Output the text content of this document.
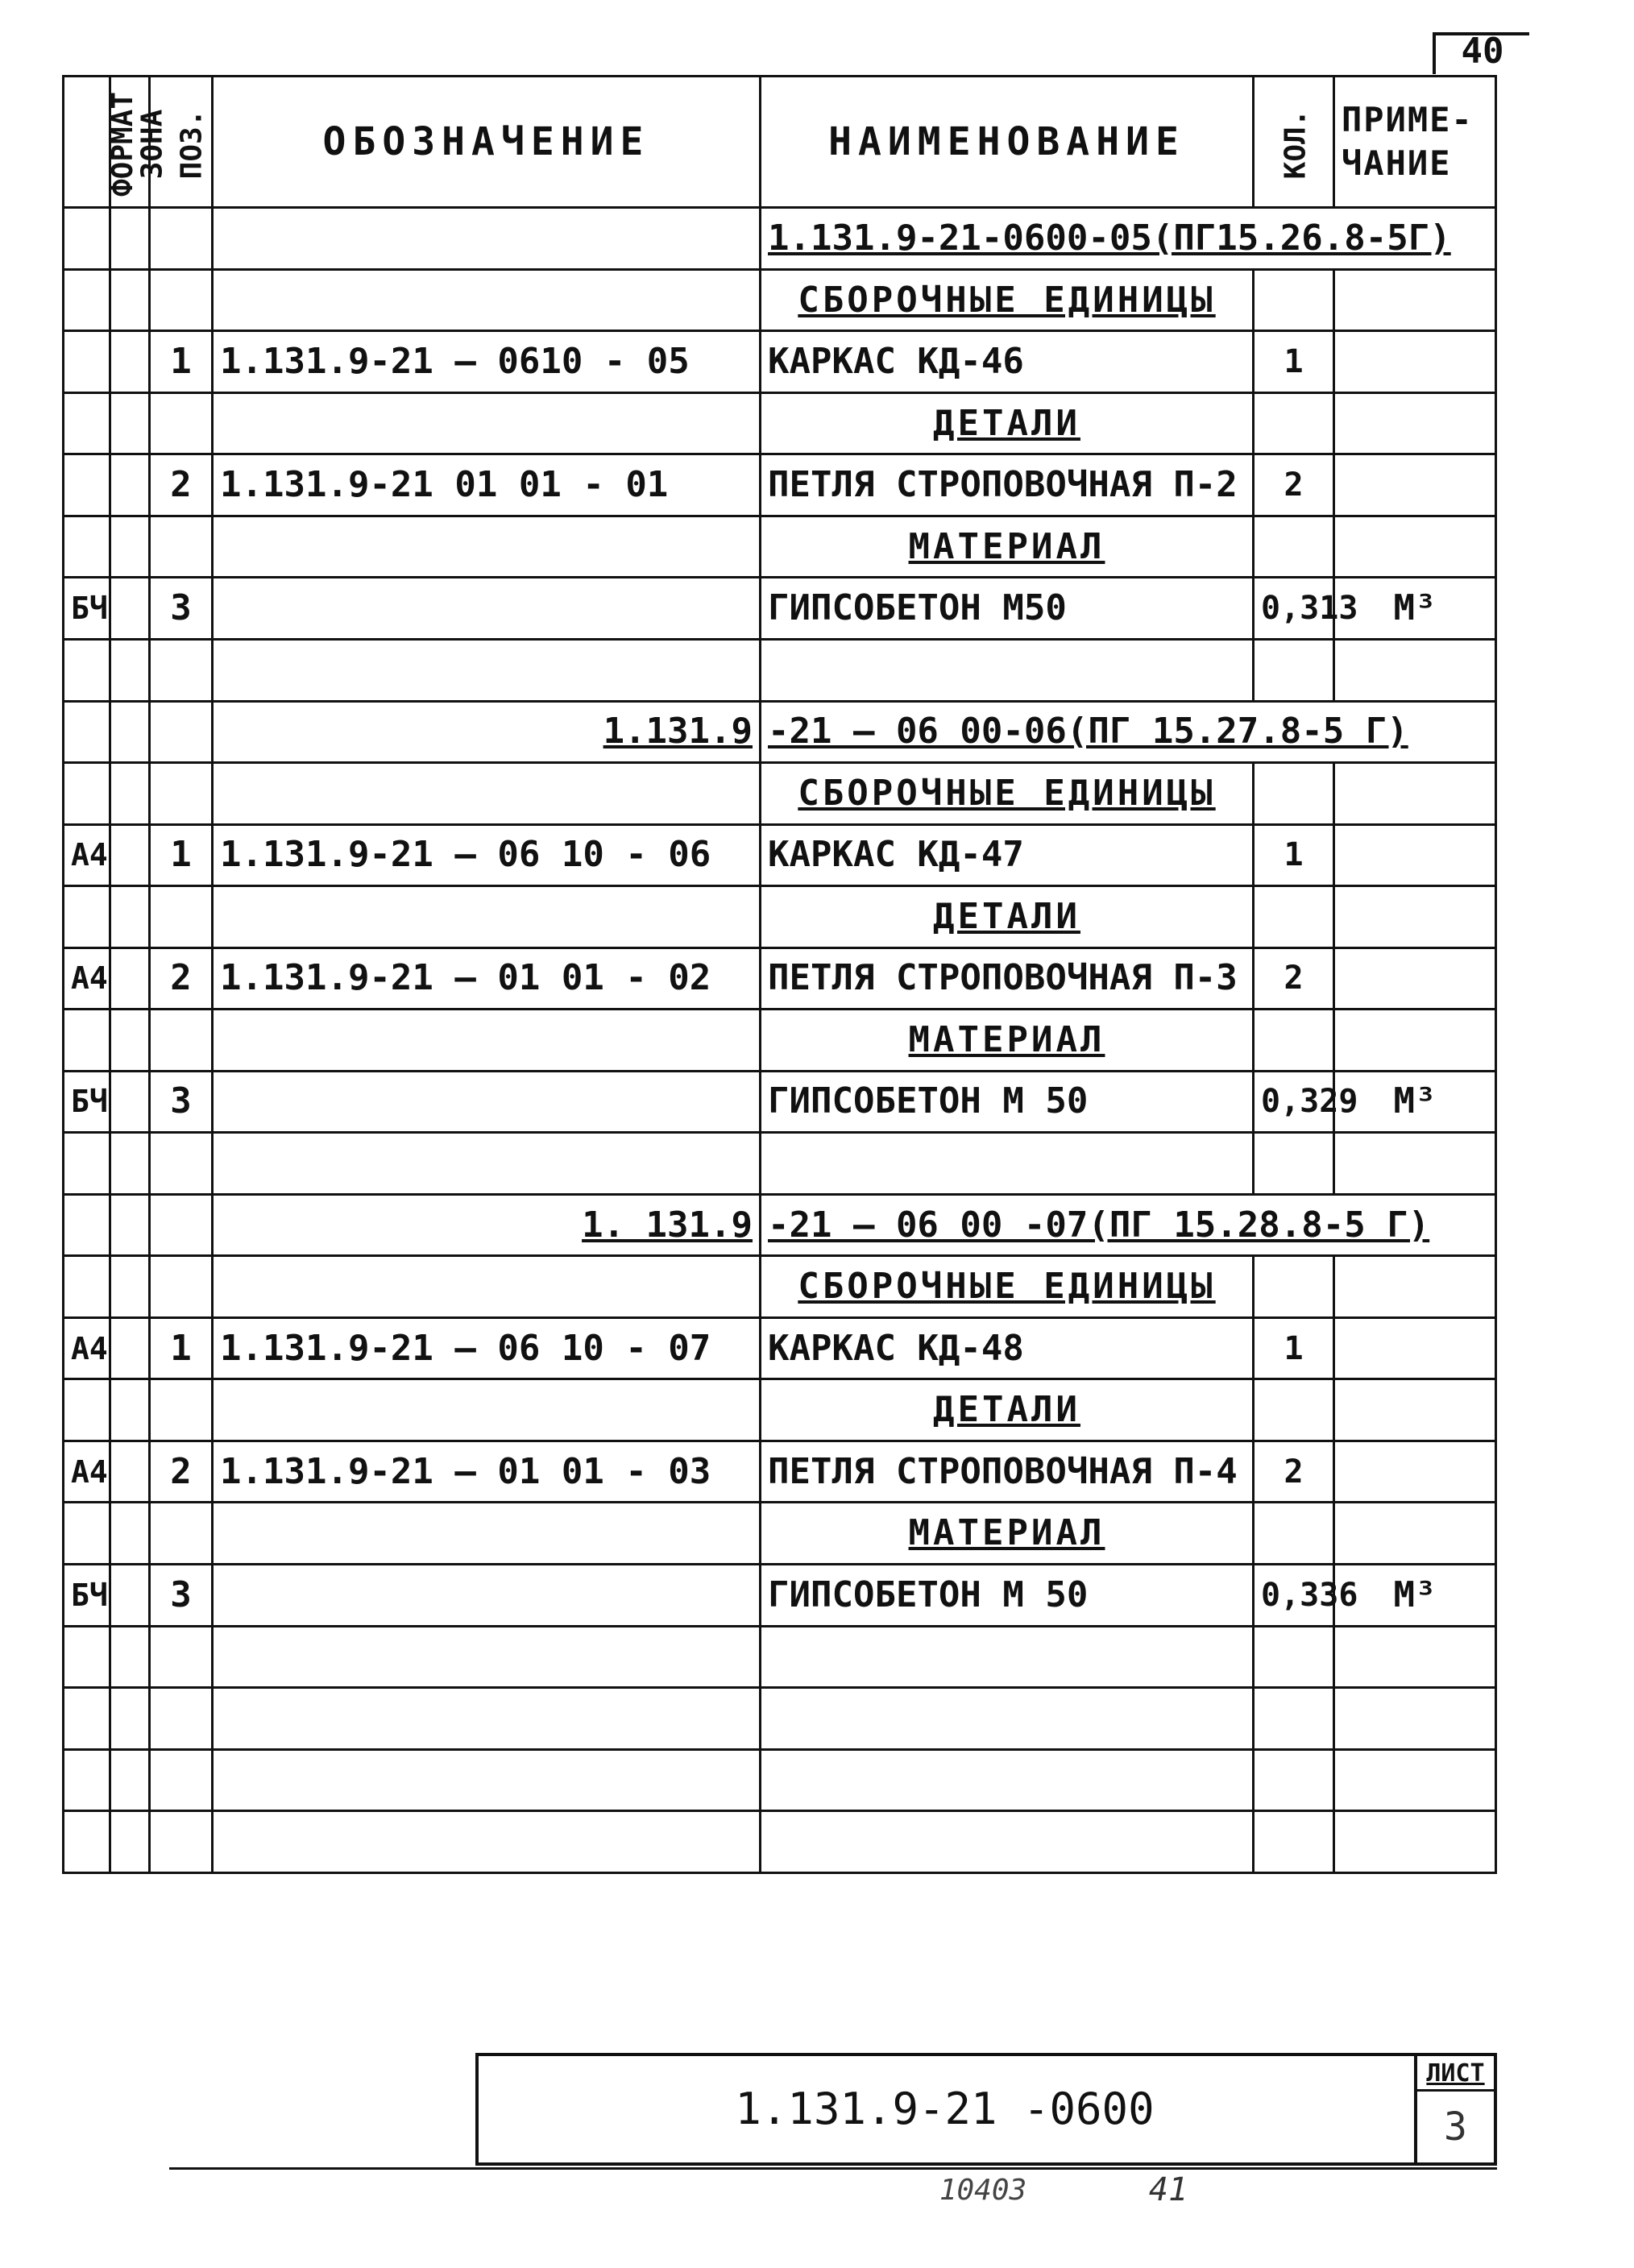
40
ФОРМАТ	ЗОНА	ПОЗ.	ОБОЗНАЧЕНИЕ	НАИМЕНОВАНИЕ	КОЛ.	ПРИМЕ-ЧАНИЕ
				1.131.9-21-0600-05(ПГ15.26.8-5Г)		
				СБОРОЧНЫЕ ЕДИНИЦЫ		
		1	1.131.9-21 — 0610 - 05	КАРКАС КД-46	1	
				ДЕТАЛИ		
		2	1.131.9-21 01 01 - 01	ПЕТЛЯ СТРОПОВОЧНАЯ П-2	2	
				МАТЕРИАЛ		
БЧ		3		ГИПСОБЕТОН М50	0,313	М³

			1.131.9	-21 — 06 00-06(ПГ 15.27.8-5 Г)		
				СБОРОЧНЫЕ ЕДИНИЦЫ		
А4		1	1.131.9-21 — 06 10 - 06	КАРКАС КД-47	1	
				ДЕТАЛИ		
А4		2	1.131.9-21 — 01 01 - 02	ПЕТЛЯ СТРОПОВОЧНАЯ П-3	2	
				МАТЕРИАЛ		
БЧ		3		ГИПСОБЕТОН М 50	0,329	М³

			1. 131.9	-21 — 06 00 -07(ПГ 15.28.8-5 Г)		
				СБОРОЧНЫЕ ЕДИНИЦЫ		
А4		1	1.131.9-21 — 06 10 - 07	КАРКАС КД-48	1	
				ДЕТАЛИ		
А4		2	1.131.9-21 — 01 01 - 03	ПЕТЛЯ СТРОПОВОЧНАЯ П-4	2	
				МАТЕРИАЛ		
БЧ		3		ГИПСОБЕТОН М 50	0,336	М³

1.131.9-21 -0600
ЛИСТ
3
10403	41
